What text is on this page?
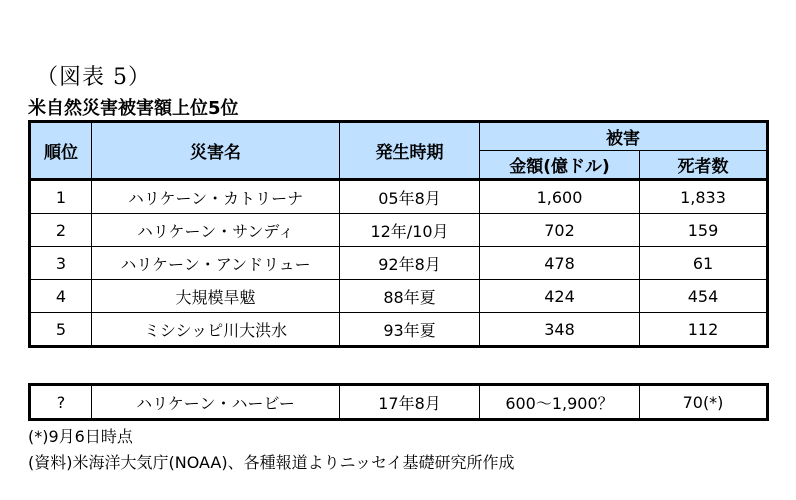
（図表 5）
米自然災害被害額上位5位
順位	災害名	発生時期	被害	
			金額(億ドル)	死者数
1	ハリケーン・カトリーナ	05年8月	1,600	1,833
2	ハリケーン・サンディ	12年/10月	702	159
3	ハリケーン・アンドリュー	92年8月	478	61
4	大規模旱魃	88年夏	424	454
5	ミシシッピ川大洪水	93年夏	348	112
?	ハリケーン・ハービー	17年8月	600～1,900？	70(*)
(*)9月6日時点
(資料)米海洋大気庁(NOAA)、各種報道よりニッセイ基礎研究所作成
